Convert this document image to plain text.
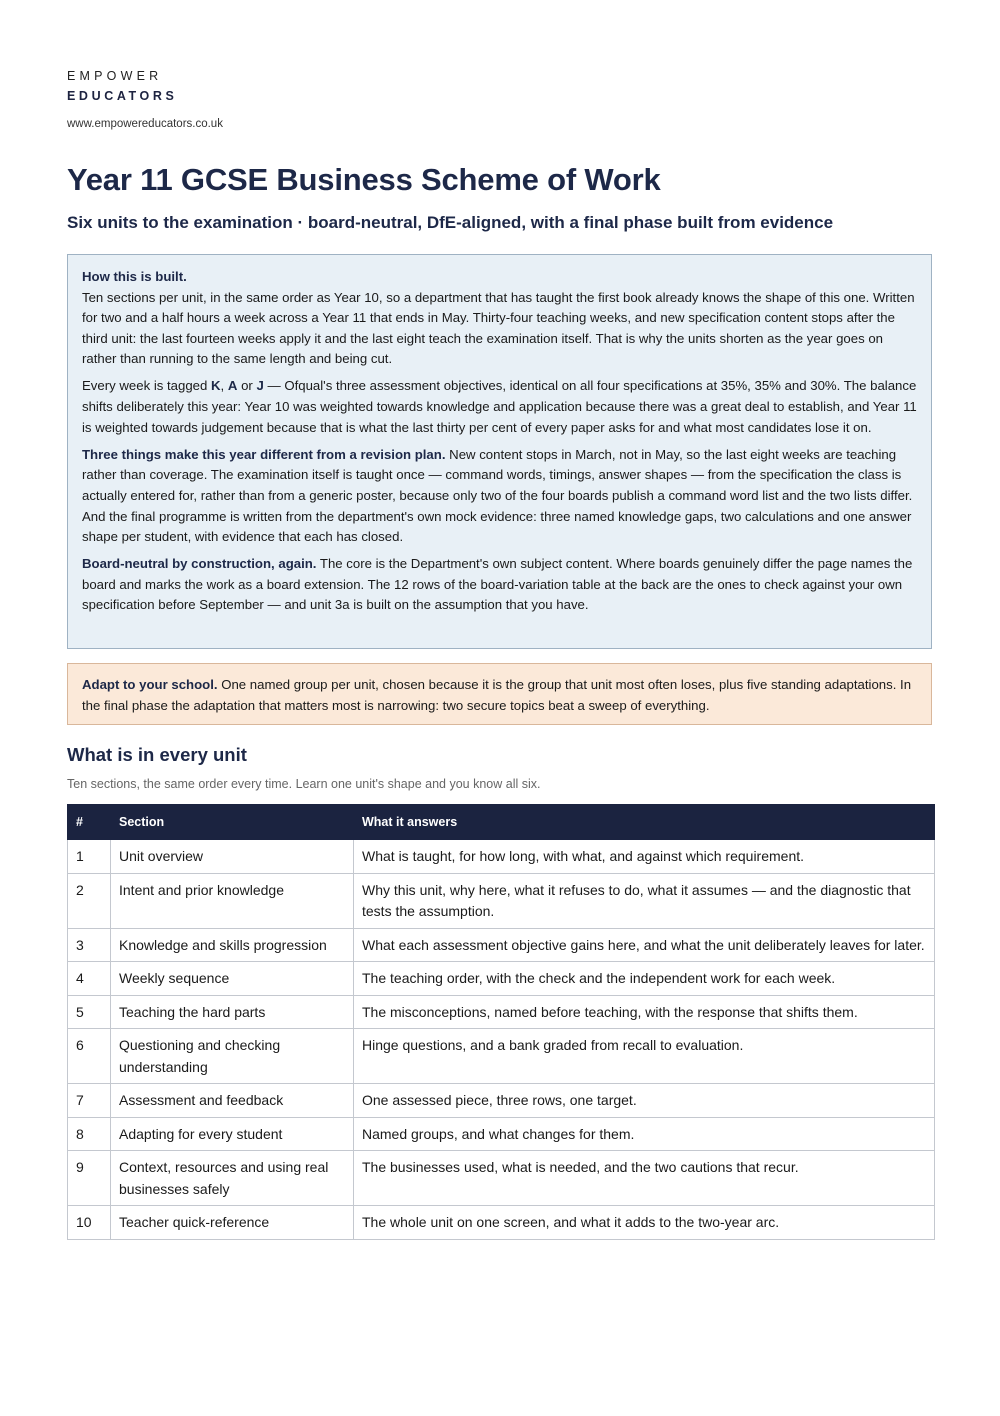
EMPOWER
EDUCATORS
www.empowereducators.co.uk
Year 11 GCSE Business Scheme of Work
Six units to the examination · board-neutral, DfE-aligned, with a final phase built from evidence

How this is built.
Ten sections per unit, in the same order as Year 10, so a department that has taught the first book already knows the shape of this one. Written for two and a half hours a week across a Year 11 that ends in May. Thirty-four teaching weeks, and new specification content stops after the third unit: the last fourteen weeks apply it and the last eight teach the examination itself. That is why the units shorten as the year goes on rather than running to the same length and being cut.

Every week is tagged K, A or J — Ofqual's three assessment objectives, identical on all four specifications at 35%, 35% and 30%. The balance shifts deliberately this year: Year 10 was weighted towards knowledge and application because there was a great deal to establish, and Year 11 is weighted towards judgement because that is what the last thirty per cent of every paper asks for and what most candidates lose it on.

Three things make this year different from a revision plan. New content stops in March, not in May, so the last eight weeks are teaching rather than coverage. The examination itself is taught once — command words, timings, answer shapes — from the specification the class is actually entered for, rather than from a generic poster, because only two of the four boards publish a command word list and the two lists differ. And the final programme is written from the department's own mock evidence: three named knowledge gaps, two calculations and one answer shape per student, with evidence that each has closed.

Board-neutral by construction, again. The core is the Department's own subject content. Where boards genuinely differ the page names the board and marks the work as a board extension. The 12 rows of the board-variation table at the back are the ones to check against your own specification before September — and unit 3a is built on the assumption that you have.

Adapt to your school. One named group per unit, chosen because it is the group that unit most often loses, plus five standing adaptations. In the final phase the adaptation that matters most is narrowing: two secure topics beat a sweep of everything.
What is in every unit
Ten sections, the same order every time. Learn one unit's shape and you know all six.
#	Section	What it answers
1	Unit overview	What is taught, for how long, with what, and against which requirement.
2	Intent and prior knowledge	Why this unit, why here, what it refuses to do, what it assumes — and the diagnostic that tests the assumption.
3	Knowledge and skills progression	What each assessment objective gains here, and what the unit deliberately leaves for later.
4	Weekly sequence	The teaching order, with the check and the independent work for each week.
5	Teaching the hard parts	The misconceptions, named before teaching, with the response that shifts them.
6	Questioning and checking understanding	Hinge questions, and a bank graded from recall to evaluation.
7	Assessment and feedback	One assessed piece, three rows, one target.
8	Adapting for every student	Named groups, and what changes for them.
9	Context, resources and using real businesses safely	The businesses used, what is needed, and the two cautions that recur.
10	Teacher quick-reference	The whole unit on one screen, and what it adds to the two-year arc.
